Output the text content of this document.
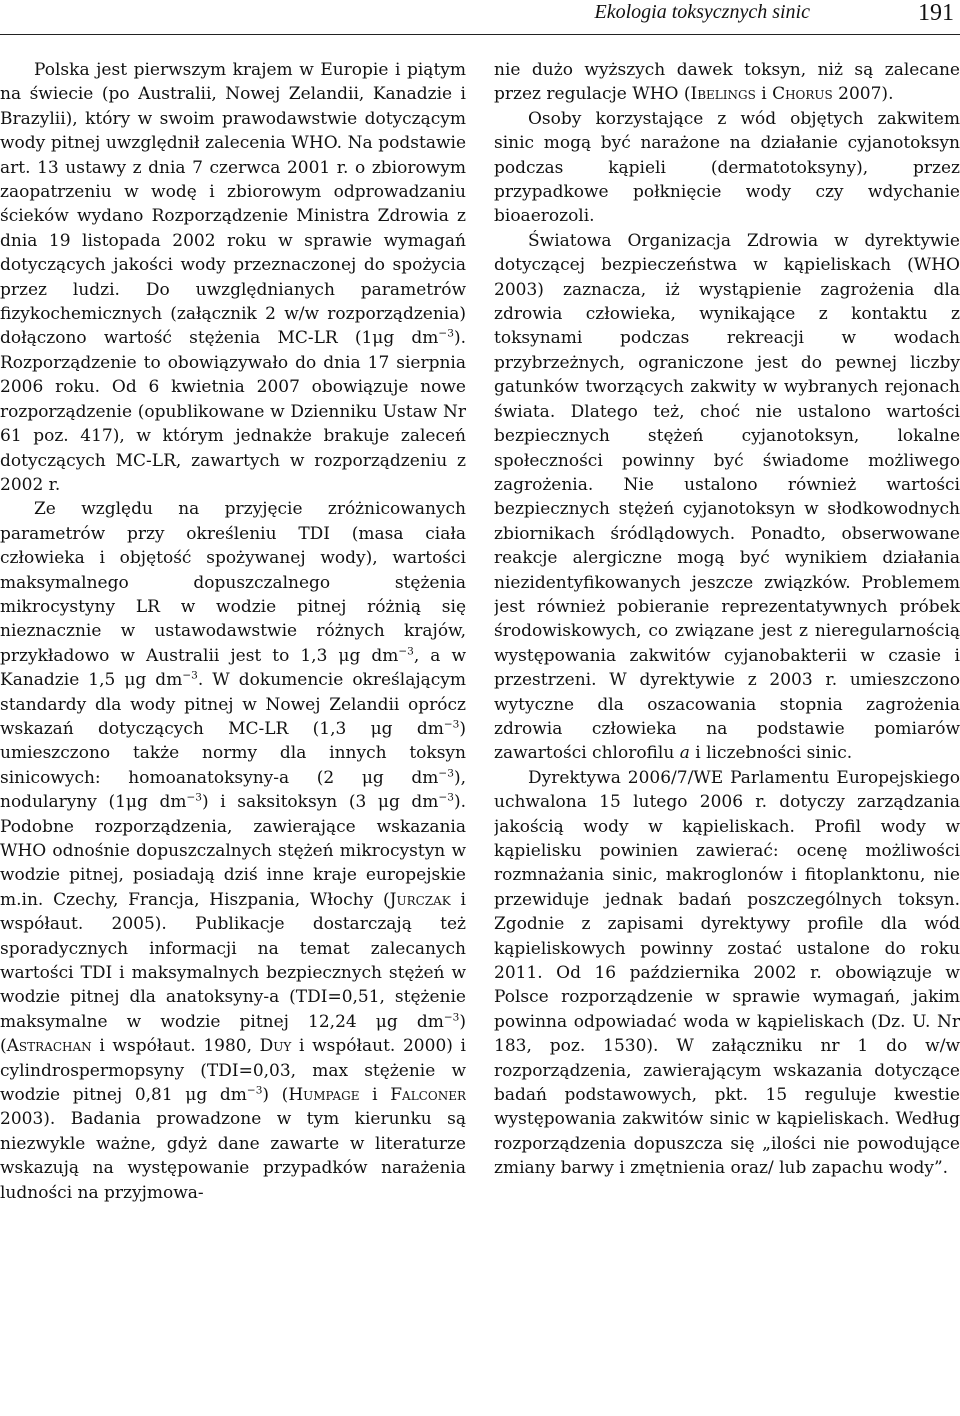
Ekologia toksycznych sinic	191

Polska jest pierwszym krajem w Europie i piątym na świecie (po Australii, Nowej Zelandii, Kanadzie i Brazylii), który w swoim prawodawstwie dotyczącym wody pitnej uwzględnił zalecenia WHO. Na podstawie art. 13 ustawy z dnia 7 czerwca 2001 r. o zbiorowym zaopatrzeniu w wodę i zbiorowym odprowadzaniu ścieków wydano Rozporządzenie Ministra Zdrowia z dnia 19 listopada 2002 roku w sprawie wymagań dotyczących jakości wody przeznaczonej do spożycia przez ludzi. Do uwzględnianych parametrów fizykochemicznych (załącznik 2 w/w rozporządzenia) dołączono wartość stężenia MC-LR (1μg $dm^{-3}$). Rozporządzenie to obowiązywało do dnia 17 sierpnia 2006 roku. Od 6 kwietnia 2007 obowiązuje nowe rozporządzenie (opublikowane w Dzienniku Ustaw Nr 61 poz. 417), w którym jednakże brakuje zaleceń dotyczących MC-LR, zawartych w rozporządzeniu z 2002 r.

Ze względu na przyjęcie zróżnicowanych parametrów przy określeniu TDI (masa ciała człowieka i objętość spożywanej wody), wartości maksymalnego dopuszczalnego stężenia mikrocystyny LR w wodzie pitnej różnią się nieznacznie w ustawodawstwie różnych krajów, przykładowo w Australii jest to 1,3 μg $dm^{-3}$, a w Kanadzie 1,5 μg $dm^{-3}$. W dokumencie określającym standardy dla wody pitnej w Nowej Zelandii oprócz wskazań dotyczących MC-LR (1,3 μg $dm^{-3}$) umieszczono także normy dla innych toksyn sinicowych: homoanatoksyny-a (2 μg $dm^{-3}$), nodularyny (1μg $dm^{-3}$) i saksitoksyn (3 μg $dm^{-3}$). Podobne rozporządzenia, zawierające wskazania WHO odnośnie dopuszczalnych stężeń mikrocystyn w wodzie pitnej, posiadają dziś inne kraje europejskie m.in. Czechy, Francja, Hiszpania, Włochy (Jurczak i współaut. 2005). Publikacje dostarczają też sporadycznych informacji na temat zalecanych wartości TDI i maksymalnych bezpiecznych stężeń w wodzie pitnej dla anatoksyny-a (TDI=0,51, stężenie maksymalne w wodzie pitnej 12,24 μg $dm^{-3}$) (Astrachan i współaut. 1980, Duy i współaut. 2000) i cylindrospermopsyny (TDI=0,03, max stężenie w wodzie pitnej 0,81 μg $dm^{-3}$) (Humpage i Falconer 2003). Badania prowadzone w tym kierunku są niezwykle ważne, gdyż dane zawarte w literaturze wskazują na występowanie przypadków narażenia ludności na przyjmowa-

nie dużo wyższych dawek toksyn, niż są zalecane przez regulacje WHO (Ibelings i Chorus 2007).

Osoby korzystające z wód objętych zakwitem sinic mogą być narażone na działanie cyjanotoksyn podczas kąpieli (dermatotoksyny), przez przypadkowe połknięcie wody czy wdychanie bioaerozoli.

Światowa Organizacja Zdrowia w dyrektywie dotyczącej bezpieczeństwa w kąpieliskach (WHO 2003) zaznacza, iż wystąpienie zagrożenia dla zdrowia człowieka, wynikające z kontaktu z toksynami podczas rekreacji w wodach przybrzeżnych, ograniczone jest do pewnej liczby gatunków tworzących zakwity w wybranych rejonach świata. Dlatego też, choć nie ustalono wartości bezpiecznych stężeń cyjanotoksyn, lokalne społeczności powinny być świadome możliwego zagrożenia. Nie ustalono również wartości bezpiecznych stężeń cyjanotoksyn w słodkowodnych zbiornikach śródlądowych. Ponadto, obserwowane reakcje alergiczne mogą być wynikiem działania niezidentyfikowanych jeszcze związków. Problemem jest również pobieranie reprezentatywnych próbek środowiskowych, co związane jest z nieregularnością występowania zakwitów cyjanobakterii w czasie i przestrzeni. W dyrektywie z 2003 r. umieszczono wytyczne dla oszacowania stopnia zagrożenia zdrowia człowieka na podstawie pomiarów zawartości chlorofilu a i liczebności sinic.

Dyrektywa 2006/7/WE Parlamentu Europejskiego uchwalona 15 lutego 2006 r. dotyczy zarządzania jakością wody w kąpieliskach. Profil wody w kąpielisku powinien zawierać: ocenę możliwości rozmnażania sinic, makroglonów i fitoplanktonu, nie przewiduje jednak badań poszczególnych toksyn. Zgodnie z zapisami dyrektywy profile dla wód kąpieliskowych powinny zostać ustalone do roku 2011. Od 16 października 2002 r. obowiązuje w Polsce rozporządzenie w sprawie wymagań, jakim powinna odpowiadać woda w kąpieliskach (Dz. U. Nr 183, poz. 1530). W załączniku nr 1 do w/w rozporządzenia, zawierającym wskazania dotyczące badań podstawowych, pkt. 15 reguluje kwestie występowania zakwitów sinic w kąpieliskach. Według rozporządzenia dopuszcza się „ilości nie powodujące zmiany barwy i zmętnienia oraz/ lub zapachu wody”.
